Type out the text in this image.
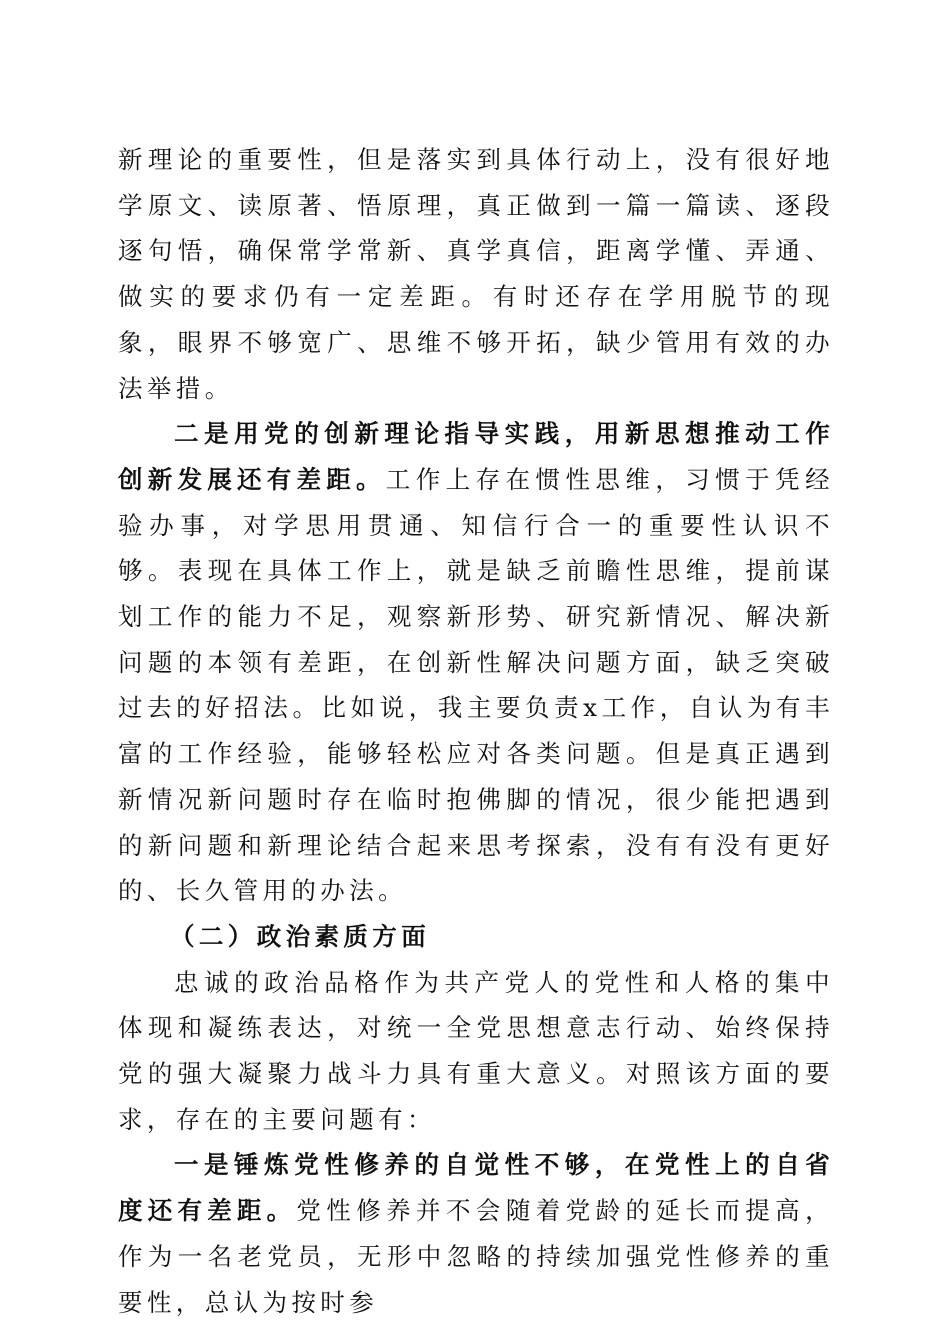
新理论的重要性，但是落实到具体行动上，没有很好地学原文、读原著、悟原理，真正做到一篇一篇读、逐段逐句悟，确保常学常新、真学真信，距离学懂、弄通、做实的要求仍有一定差距。有时还存在学用脱节的现象，眼界不够宽广、思维不够开拓，缺少管用有效的办法举措。

二是用党的创新理论指导实践，用新思想推动工作创新发展还有差距。工作上存在惯性思维，习惯于凭经验办事，对学思用贯通、知信行合一的重要性认识不够。表现在具体工作上，就是缺乏前瞻性思维，提前谋划工作的能力不足，观察新形势、研究新情况、解决新问题的本领有差距，在创新性解决问题方面，缺乏突破过去的好招法。比如说，我主要负责x工作，自认为有丰富的工作经验，能够轻松应对各类问题。但是真正遇到新情况新问题时存在临时抱佛脚的情况，很少能把遇到的新问题和新理论结合起来思考探索，没有有没有更好的、长久管用的办法。

（二）政治素质方面

忠诚的政治品格作为共产党人的党性和人格的集中体现和凝练表达，对统一全党思想意志行动、始终保持党的强大凝聚力战斗力具有重大意义。对照该方面的要求，存在的主要问题有：

一是锤炼党性修养的自觉性不够，在党性上的自省度还有差距。党性修养并不会随着党龄的延长而提高，作为一名老党员，无形中忽略的持续加强党性修养的重要性，总认为按时参
